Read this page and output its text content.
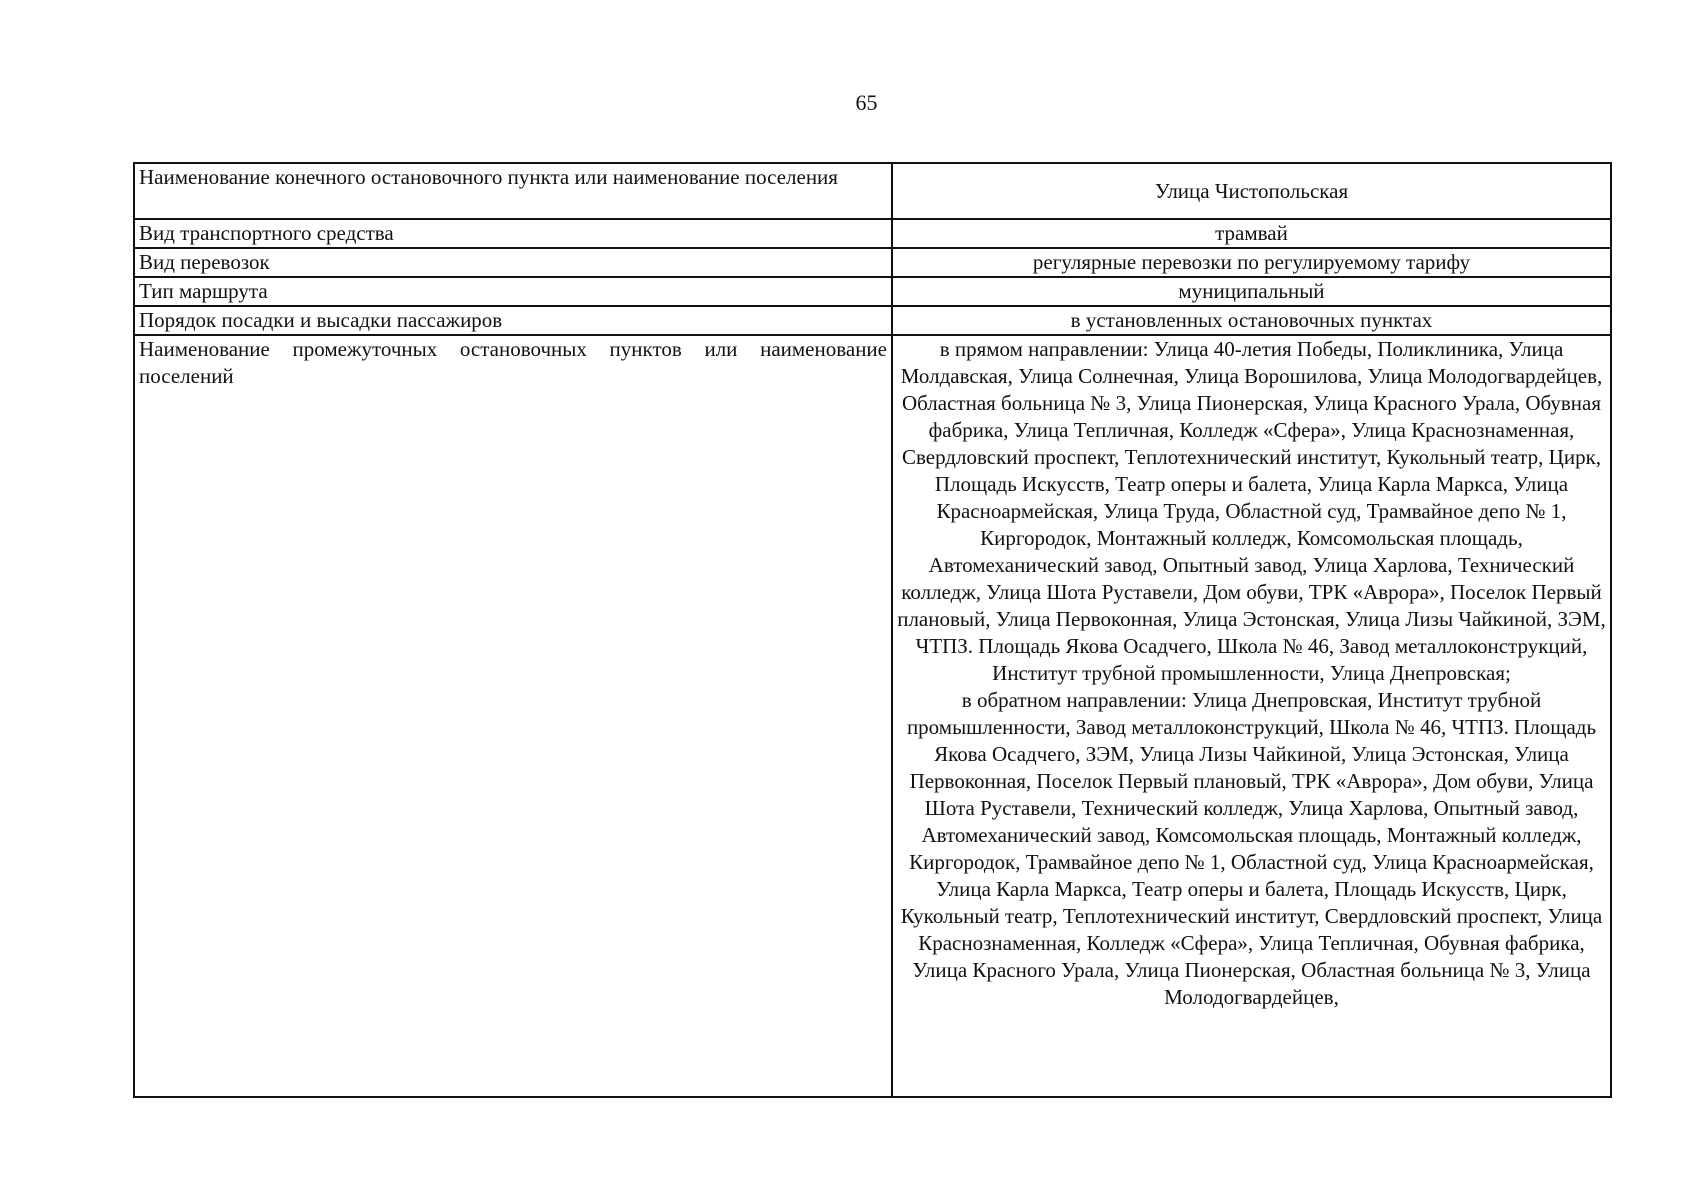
65
Наименование конечного остановочного пункта или наименование поселения	Улица Чистопольская
Вид транспортного средства	трамвай
Вид перевозок	регулярные перевозки по регулируемому тарифу
Тип маршрута	муниципальный
Порядок посадки и высадки пассажиров	в установленных остановочных пунктах
Наименование промежуточных остановочных пунктов или наименование поселений	в прямом направлении: Улица 40-летия Победы, Поликлиника, Улица Молдавская, Улица Солнечная, Улица Ворошилова, Улица Молодогвардейцев, Областная больница № 3, Улица Пионерская, Улица Красного Урала, Обувная фабрика, Улица Тепличная, Колледж «Сфера», Улица Краснознаменная, Свердловский проспект, Теплотехнический институт, Кукольный театр, Цирк, Площадь Искусств, Театр оперы и балета, Улица Карла Маркса, Улица Красноармейская, Улица Труда, Областной суд, Трамвайное депо № 1, Киргородок, Монтажный колледж, Комсомольская площадь, Автомеханический завод, Опытный завод, Улица Харлова, Технический колледж, Улица Шота Руставели, Дом обуви, ТРК «Аврора», Поселок Первый плановый, Улица Первоконная, Улица Эстонская, Улица Лизы Чайкиной, ЗЭМ, ЧТПЗ. Площадь Якова Осадчего, Школа № 46, Завод металлоконструкций, Институт трубной промышленности, Улица Днепровская;
в обратном направлении: Улица Днепровская, Институт трубной промышленности, Завод металлоконструкций, Школа № 46, ЧТПЗ. Площадь Якова Осадчего, ЗЭМ, Улица Лизы Чайкиной, Улица Эстонская, Улица Первоконная, Поселок Первый плановый, ТРК «Аврора», Дом обуви, Улица Шота Руставели, Технический колледж, Улица Харлова, Опытный завод, Автомеханический завод, Комсомольская площадь, Монтажный колледж, Киргородок, Трамвайное депо № 1, Областной суд, Улица Красноармейская, Улица Карла Маркса, Театр оперы и балета, Площадь Искусств, Цирк, Кукольный театр, Теплотехнический институт, Свердловский проспект, Улица Краснознаменная, Колледж «Сфера», Улица Тепличная, Обувная фабрика, Улица Красного Урала, Улица Пионерская, Областная больница № 3, Улица Молодогвардейцев,
